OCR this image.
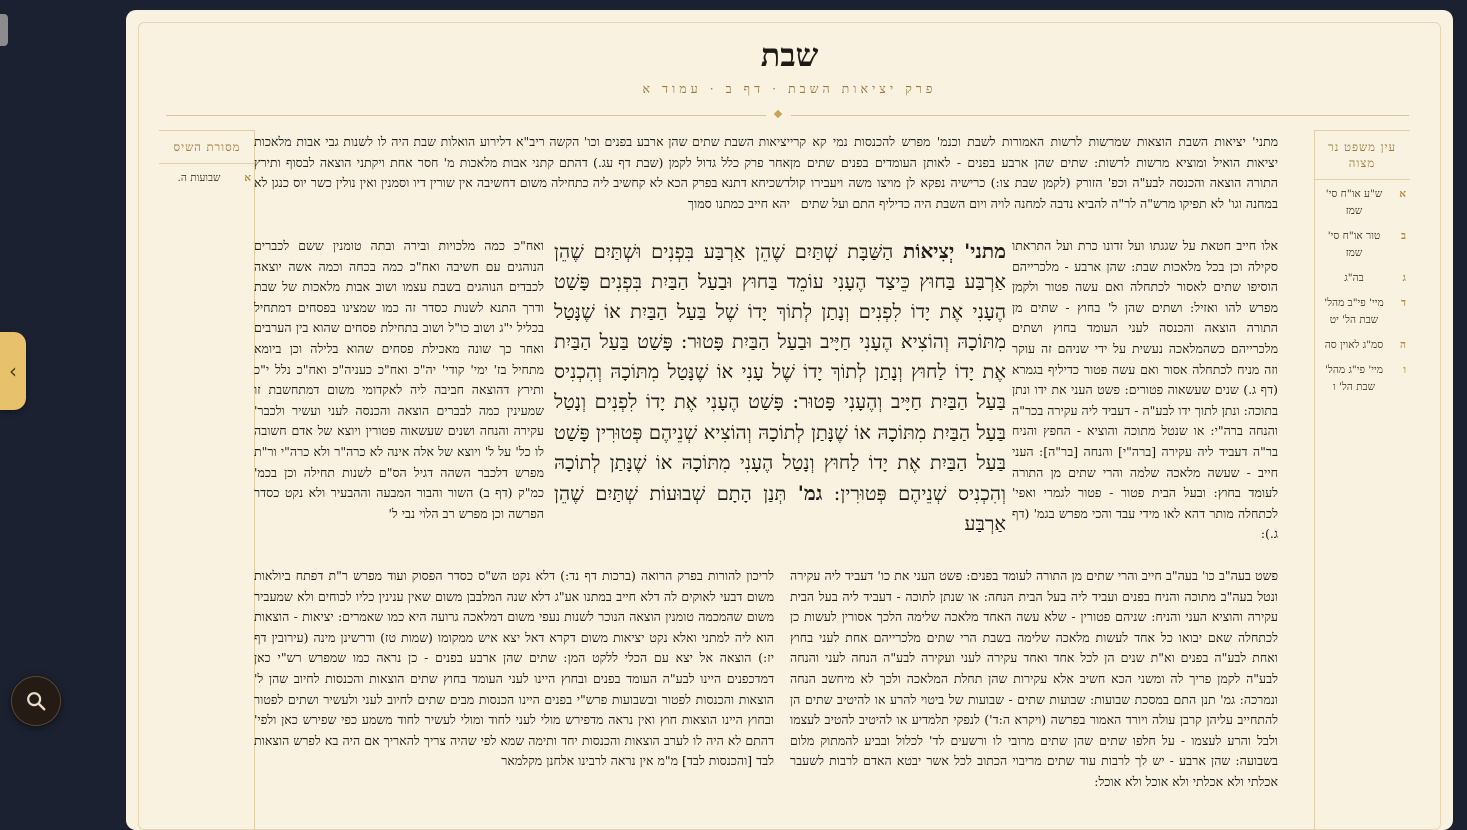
‹
שבת
פרק יציאות השבת · דף ב · עמוד א
מסורת השיס
א
שבועות ה.
עין משפט נר מצוה
א
ש"ע או"ח סי' שמז
ב
טור או"ח סי' שמז
ג
בה"ג
ד
מיי' פי"ב מהל' שבת הל' יט
ה
סמ"ג לאוין סה
ו
מיי' פי"ג מהל' שבת הל' ו
מתני' יציאות השבת הוצאות שמרשות לרשות האמורות לשבת וכנמ' מפרש להכנסות נמי קא קרי יציאות הואיל ומוציא מרשות לרשות: שתים שהן ארבע בפנים - לאותן העומדים בפנים שתים מן התורה הוצאה והכנסה לבע"ה וכפ' הזורק (לקמן שבת צו:) כרישיה נפקא לן מויצו משה ויעבירו קול במחנה וגו' לא תפיקו מרש"ה לר"ה להביא נדבה למחנה לויה ויום השבת היה כדיליף התם ועל שתים
אלו חייב חטאת על שגגתו ועל זדונו כרת ועל התראתו סקילה וכן בכל מלאכות שבת: שהן ארבע - מלכרייהם הוסיפו שתים לאסור לכתחלה ואם עשה פטור ולקמן מפרש להו ואזיל: ושתים שהן ל' בחוץ - שתים מן התורה הוצאה והכנסה לעני העומד בחוץ ושתים מלכרייהם כשהמלאכה נעשית על ידי שניהם זה עוקר וזה מניח לכתחלה אסור ואם עשה פטור כדיליף בגמרא (דף ג.) שנים שעשאוה פטורים: פשט העני את ידו ונתן בתוכה: ונתן לתוך ידו לבע"ה - דעביד ליה עקירה בכר"ה והנחה ברה"י: או שנטל מתוכה והוציא - החפץ והניח בר"ה דעביד ליה עקירה [ברה"י] והנחה [בר"ה]: העני חייב - שעשה מלאכה שלמה והרי שתים מן התורה לעומד בחוץ: ובעל הבית פטור - פטור לגמרי ואפי' לכתחלה מותר דהא לאו מידי עבד והכי מפרש בגמ' (דף ג.):
פשט בעה"ב כו' בעה"ב חייב והרי שתים מן התורה לעומד בפנים: פשט העני את כו' דעביד ליה עקירה ונטל בעה"ב מתוכה והניח בפנים ועביד ליה בעל הבית הנחה: או שנתן לתוכה - דעביד ליה בעל הבית עקירה והוציא העני והניח: שניהם פטורין - שלא עשה האחד מלאכה שלימה הלכך אסורין לעשות כן לכתחלה שאם יבואו כל אחד לעשות מלאכה שלימה בשבת הרי שתים מלכרייהם אחת לעני בחוץ ואחת לבע"ה בפנים וא"ת שנים הן לכל אחד ואחד עקירה לעני ועקירה לבע"ה הנחה לעני והנחה לבע"ה לקמן פריך לה ומשני הכא חשיב אלא עקירות שהן תחלת המלאכה ולכך לא מיחשב הנחה ונמרכה: גמ' תנן התם במסכת שבועות: שבועות שתים - שבועות של ביטוי להרע או להיטיב שתים הן להתחייב עליהן קרבן עולה ויורד האמור בפרשה (ויקרא ה:ד') לנפקי תלמדיע או להיטיב להטיב לעצמו ולבל והרע לעצמו - על חלפו שתים שהן שתים מרובי לו ורשעים לד' לכלול ובביע להמתוק מלום בשבועה: שהן ארבע - יש לך לרבות עוד שתים מריבוי הכתוב לכל אשר יבטא האדם לרבות לשעבר אכלתי ולא אכלתי ולא אוכל ולא אוכל:
יציאות השבת שתים שהן ארבע בפנים וכו' הקשה ריב"א דלירוע הואלות שבת היה לו לשנות גבי אבות מלאכות אחר פרק כלל גדול לקמן (שבת דף עג.) דהתם קתני אבות מלאכות מ' חסר אחת ויקתני הוצאה לבסוף ותירץ דשכיחא דתנא בפרק הכא לא קחשיב ליה כתחילה משום דחשיבה אין שורין דיו וסמנין ואין נולין כשר יוס כנגן לא יהא חייב כמתנו סמוך
ואח"כ כמה מלכויות ובירה ובתה טומנין ששם לכברים הנוהגים עם חשיבה ואח"כ כמה בכחה וכמה אשה יוצאה לכבדים הנוהגים בשבת עצמו ושוב אבות מלאכות של שבת ודרך התנא לשנות כסדר זה כמו שמצינו בפסחים דמתחיל בכליל י"ג ושוב כו"ל ושוב בתחילת פסחים שהוא בין הערבים ואחר כך שונה מאכילת פסחים שהוא בלילה וכן ביומא מתחיל בז' ימי' קודי' יה"כ ואח"כ כעניה"כ ואח"כ נלל י"כ ותירץ דהוצאה חביבה ליה לאקדומי משום דמתחשבת זו שמעינין כמה לבברים הוצאה והכנסה לעני ועשיר ולכבר' עקירה והנחה ושנים שעשאוה פטורין ויוצא של אדם חשובה לו כל' על ל' ויוצא של אלה אינה לא כרה"ר ולא כרה"י ור"ת מפרש דלכבר השהה דגיל הס"ם לשנות תחילה וכן בכמ' כמ"ק (דף ב) השור והבור המבעה וההבעיר ולא נקט כסדר הפרשה וכן מפרש רב הלוי נבי ל'
לריכון להורות בפרק הרואה (ברכות דף נד:) דלא נקט הש"ס כסדר הפסוק ועוד מפרש ר"ת דפתח ביולאות משום דבעי לאוקים לה דלא חייב במתנו אע"ג דלא שנה המלבבן משום שאין ענינין כליו לכוחים ולא שמעביר משום שהמכמה טומנין הוצאה הנוכר לשנות נעפי משום דמלאכה גרועה היא כמו שאמרים: יציאות - הוצאות הוא ליה למתני ואלא נקט יציאות משום דקרא דאל יצא איש ממקומו (שמות טז) ודרשינן מינה (עירובין דף יז:) הוצאה אל יצא עם הכלי ללקט המן: שתים שהן ארבע בפנים - כן נראה כמו שמפרש רש"י כאן דמדכפנים היינו לבע"ה העומד בפנים ובחוץ היינו לעני העומד בחוץ שתים הוצאות והכנסות לחיוב שהן ל' הוצאות והכנסות לפטור ובשבועות פרש"י בפנים היינו הכנסות מבים שתים לחיוב לעני ולעשיר ושתים לפטור ובחוץ היינו הוצאות חוץ ואין נראה מדפירש מולי לעני לחוד ומולי לעשיר לחוד משמע כפי שפירש כאן ולפי' דהתם לא היה לו לערב הוצאות והכנסות יחד ותימה שמא לפי שהיה צריך להאריך אם היה בא לפרש הוצאות לבד [והכנסות לבד] מ"מ אין נראה לרבינו אלחנן מקלמאר
מתני' יְצִיאוֹת הַשַּׁבָּת שְׁתַּיִם שֶׁהֵן אַרְבַּע בִּפְנִים וּשְׁתַּיִם שֶׁהֵן אַרְבַּע בַּחוּץ כֵּיצַד הֶעָנִי עוֹמֵד בַּחוּץ וּבַעַל הַבַּיִת בִּפְנִים פָּשַׁט הֶעָנִי אֶת יָדוֹ לִפְנִים וְנָתַן לְתוֹךְ יָדוֹ שֶׁל בַּעַל הַבַּיִת אוֹ שֶׁנָּטַל מִתּוֹכָהּ וְהוֹצִיא הֶעָנִי חַיָּיב וּבַעַל הַבַּיִת פָּטוּר: פָּשַׁט בַּעַל הַבַּיִת אֶת יָדוֹ לַחוּץ וְנָתַן לְתוֹךְ יָדוֹ שֶׁל עָנִי אוֹ שֶׁנָּטַל מִתּוֹכָהּ וְהִכְנִיס בַּעַל הַבַּיִת חַיָּיב וְהֶעָנִי פָּטוּר: פָּשַׁט הֶעָנִי אֶת יָדוֹ לִפְנִים וְנָטַל בַּעַל הַבַּיִת מִתּוֹכָהּ אוֹ שֶׁנָּתַן לְתוֹכָהּ וְהוֹצִיא שְׁנֵיהֶם פְּטוּרִין פָּשַׁט בַּעַל הַבַּיִת אֶת יָדוֹ לַחוּץ וְנָטַל הֶעָנִי מִתּוֹכָהּ אוֹ שֶׁנָּתַן לְתוֹכָהּ וְהִכְנִיס שְׁנֵיהֶם פְּטוּרִין: גמ' תְּנַן הָתָם שְׁבוּעוֹת שְׁתַּיִם שֶׁהֵן אַרְבַּע
